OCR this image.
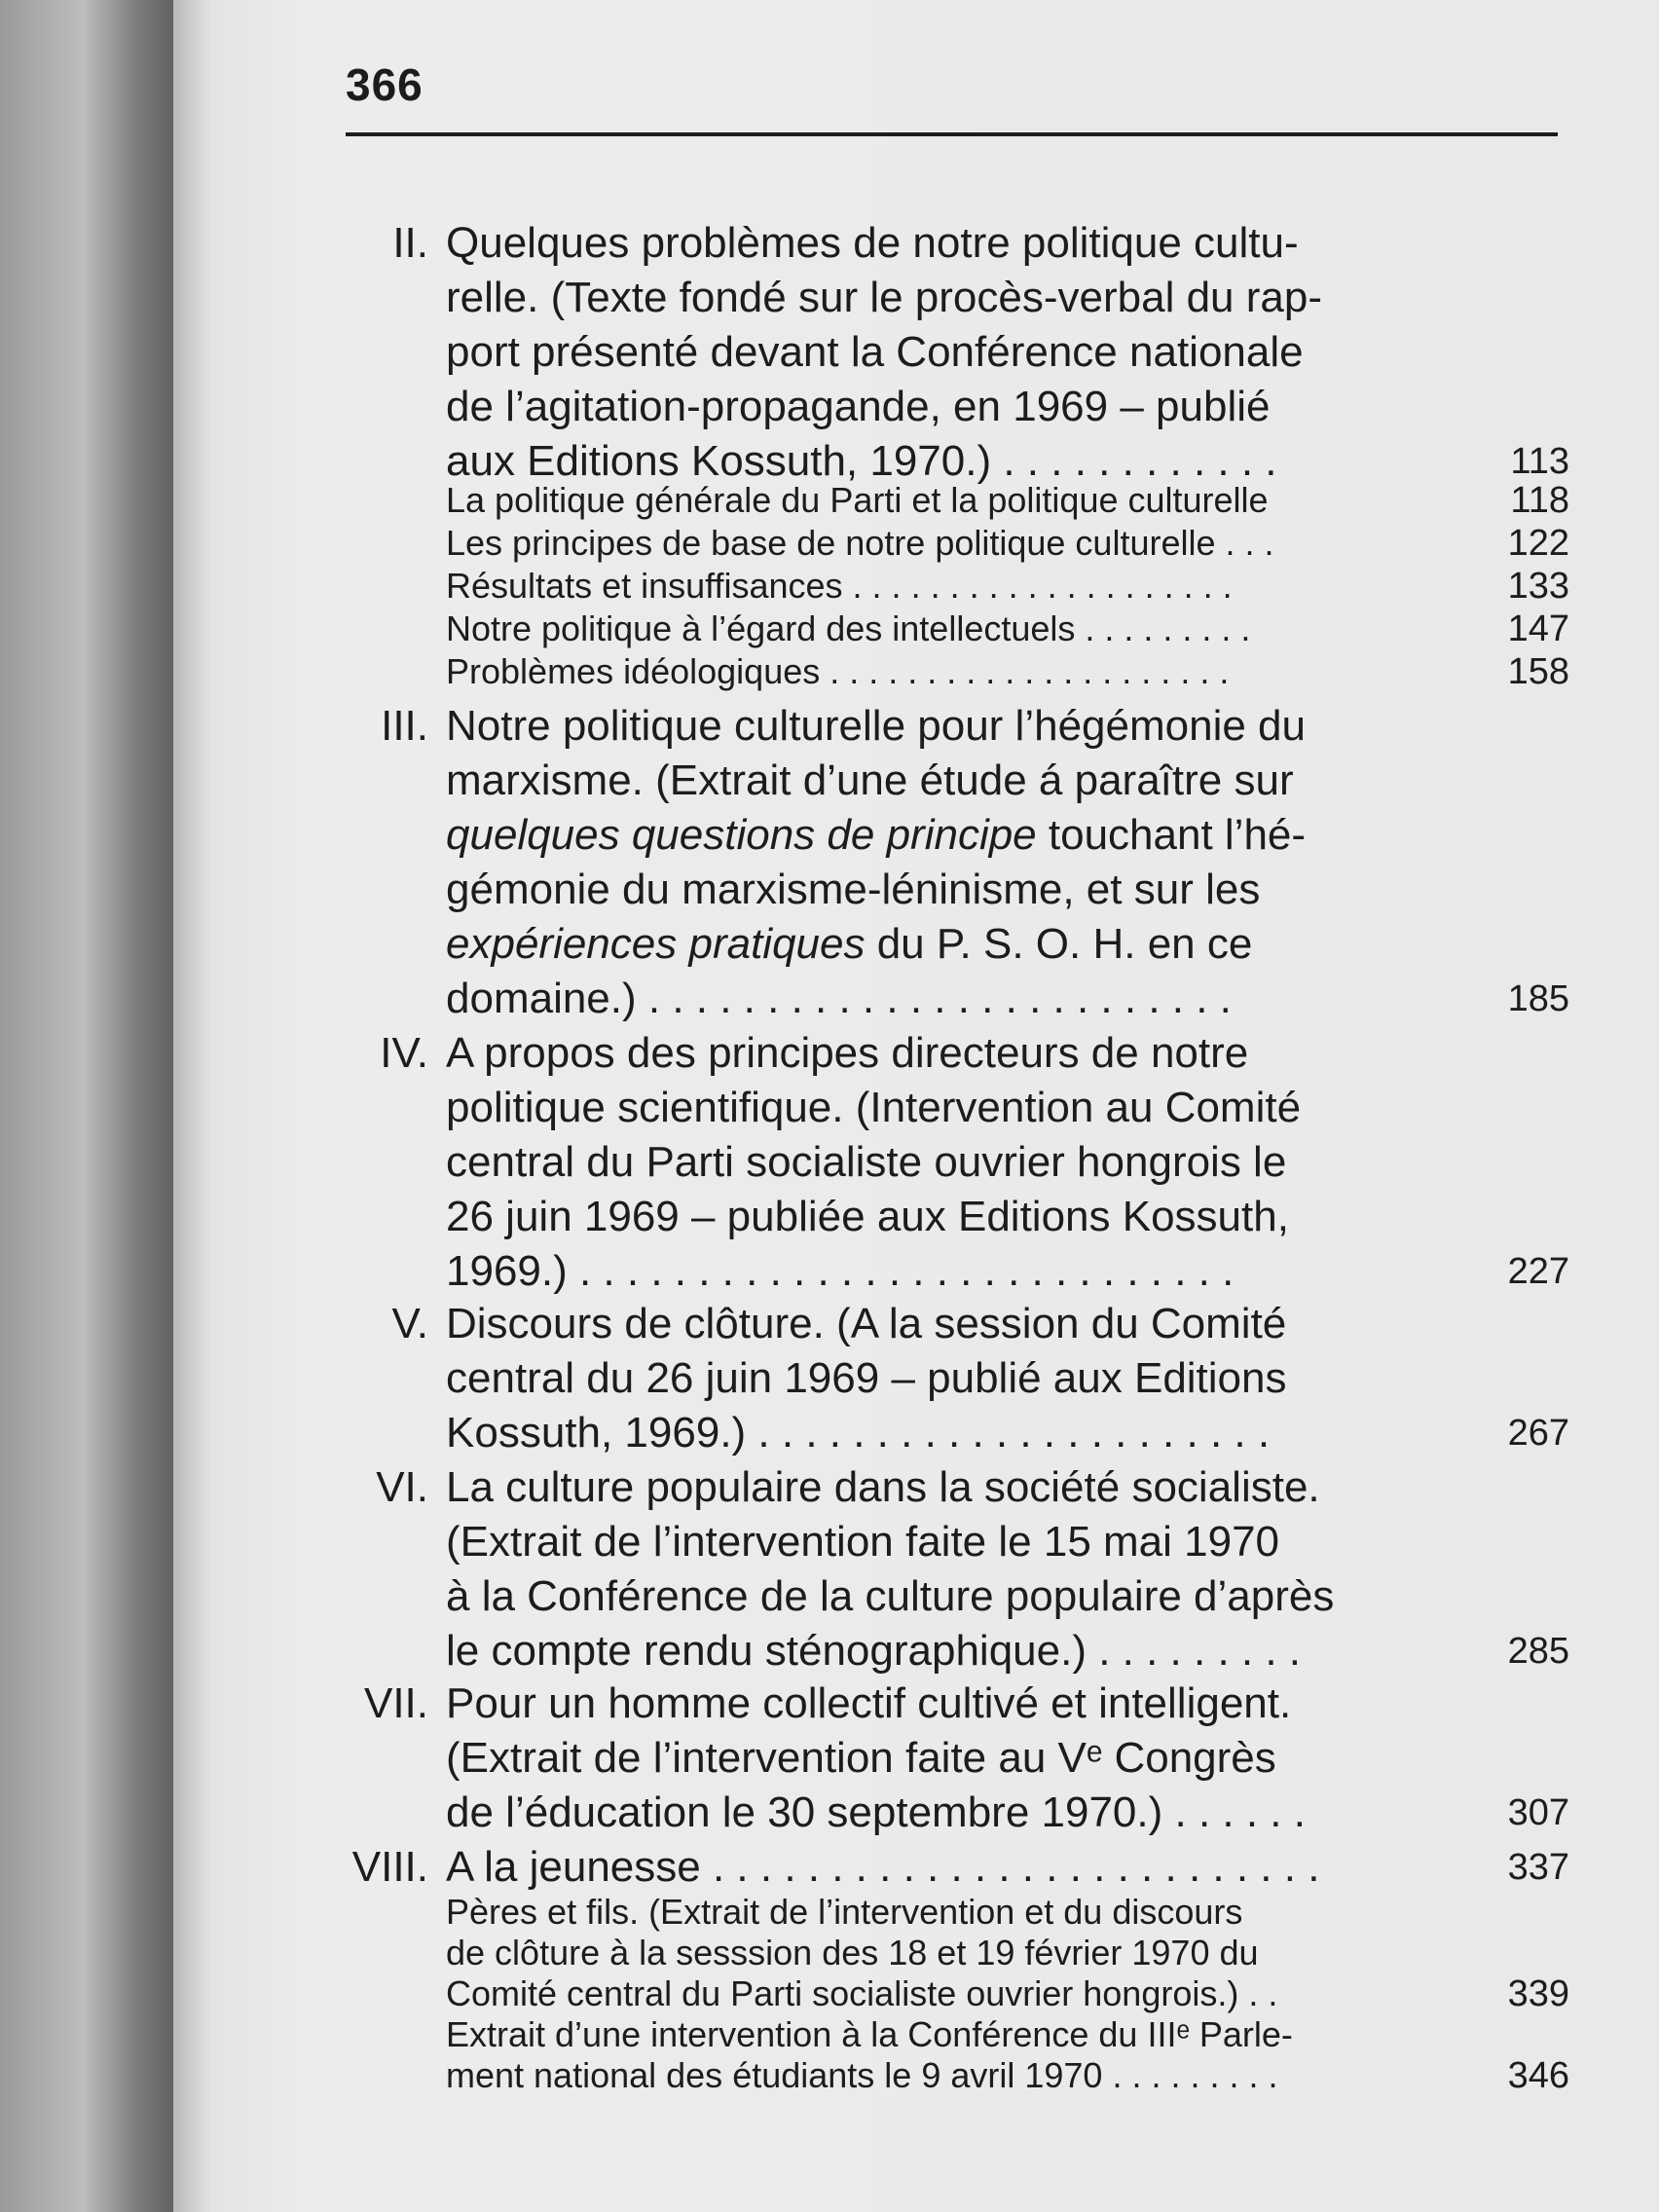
366
II. Quelques problèmes de notre politique cultu-
relle. (Texte fondé sur le procès-verbal du rap-
port présenté devant la Conférence nationale
de l’agitation-propagande, en 1969 – publié
aux Editions Kossuth, 1970.) . . . . . . . . . . . .	113
La politique générale du Parti et la politique culturelle	118
Les principes de base de notre politique culturelle . . .	122
Résultats et insuffisances . . . . . . . . . . . . . . . . . . . .	133
Notre politique à l’égard des intellectuels . . . . . . . . .	147
Problèmes idéologiques . . . . . . . . . . . . . . . . . . . . .	158
III. Notre politique culturelle pour l’hégémonie du
marxisme. (Extrait d’une étude á paraître sur
quelques questions de principe touchant l’hé-
gémonie du marxisme-léninisme, et sur les
expériences pratiques du P. S. O. H. en ce
domaine.) . . . . . . . . . . . . . . . . . . . . . . . . .	185
IV. A propos des principes directeurs de notre
politique scientifique. (Intervention au Comité
central du Parti socialiste ouvrier hongrois le
26 juin 1969 – publiée aux Editions Kossuth,
1969.) . . . . . . . . . . . . . . . . . . . . . . . . . . . .	227
V. Discours de clôture. (A la session du Comité
central du 26 juin 1969 – publié aux Editions
Kossuth, 1969.) . . . . . . . . . . . . . . . . . . . . . .	267
VI. La culture populaire dans la société socialiste.
(Extrait de l’intervention faite le 15 mai 1970
à la Conférence de la culture populaire d’après
le compte rendu sténographique.) . . . . . . . . .	285
VII. Pour un homme collectif cultivé et intelligent.
(Extrait de l’intervention faite au Vᵉ Congrès
de l’éducation le 30 septembre 1970.) . . . . . .	307
VIII. A la jeunesse . . . . . . . . . . . . . . . . . . . . . . . . . .	337
Pères et fils. (Extrait de l’intervention et du discours
de clôture à la sesssion des 18 et 19 février 1970 du
Comité central du Parti socialiste ouvrier hongrois.) . .	339
Extrait d’une intervention à la Conférence du IIIᵉ Parle-
ment national des étudiants le 9 avril 1970 . . . . . . . . .	346
